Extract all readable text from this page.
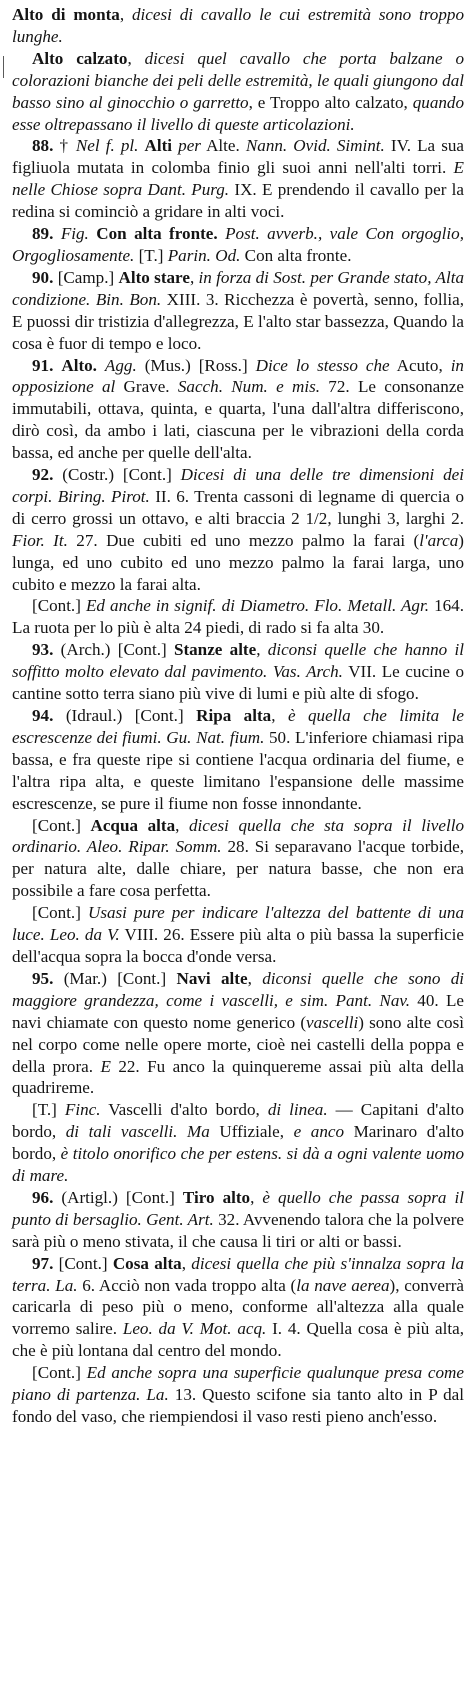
Alto di monta, dicesi di cavallo le cui estremità sono troppo lunghe.

Alto calzato, dicesi quel cavallo che porta balzane o colorazioni bianche dei peli delle estremità, le quali giungono dal basso sino al ginocchio o garretto, e Troppo alto calzato, quando esse oltrepassano il livello di queste articolazioni.

88. † Nel f. pl. Alti per Alte. Nann. Ovid. Simint. IV. La sua figliuola mutata in colomba finio gli suoi anni nell'alti torri. E nelle Chiose sopra Dant. Purg. IX. E prendendo il cavallo per la redina si cominciò a gridare in alti voci.

89. Fig. Con alta fronte. Post. avverb., vale Con orgoglio, Orgogliosamente. [T.] Parin. Od. Con alta fronte.

90. [Camp.] Alto stare, in forza di Sost. per Grande stato, Alta condizione. Bin. Bon. XIII. 3. Ricchezza è povertà, senno, follia, E puossi dir tristizia d'allegrezza, E l'alto star bassezza, Quando la cosa è fuor di tempo e loco.

91. Alto. Agg. (Mus.) [Ross.] Dice lo stesso che Acuto, in opposizione al Grave. Sacch. Num. e mis. 72. Le consonanze immutabili, ottava, quinta, e quarta, l'una dall'altra differiscono, dirò così, da ambo i lati, ciascuna per le vibrazioni della corda bassa, ed anche per quelle dell'alta.

92. (Costr.) [Cont.] Dicesi di una delle tre dimensioni dei corpi. Biring. Pirot. II. 6. Trenta cassoni di legname di quercia o di cerro grossi un ottavo, e alti braccia 2 1/2, lunghi 3, larghi 2. Fior. It. 27. Due cubiti ed uno mezzo palmo la farai (l'arca) lunga, ed uno cubito ed uno mezzo palmo la farai larga, uno cubito e mezzo la farai alta.

[Cont.] Ed anche in signif. di Diametro. Flo. Metall. Agr. 164. La ruota per lo più è alta 24 piedi, di rado si fa alta 30.

93. (Arch.) [Cont.] Stanze alte, diconsi quelle che hanno il soffitto molto elevato dal pavimento. Vas. Arch. VII. Le cucine o cantine sotto terra siano più vive di lumi e più alte di sfogo.

94. (Idraul.) [Cont.] Ripa alta, è quella che limita le escrescenze dei fiumi. Gu. Nat. fium. 50. L'inferiore chiamasi ripa bassa, e fra queste ripe si contiene l'acqua ordinaria del fiume, e l'altra ripa alta, e queste limitano l'espansione delle massime escrescenze, se pure il fiume non fosse innondante.

[Cont.] Acqua alta, dicesi quella che sta sopra il livello ordinario. Aleo. Ripar. Somm. 28. Si separavano l'acque torbide, per natura alte, dalle chiare, per natura basse, che non era possibile a fare cosa perfetta.

[Cont.] Usasi pure per indicare l'altezza del battente di una luce. Leo. da V. VIII. 26. Essere più alta o più bassa la superficie dell'acqua sopra la bocca d'onde versa.

95. (Mar.) [Cont.] Navi alte, diconsi quelle che sono di maggiore grandezza, come i vascelli, e sim. Pant. Nav. 40. Le navi chiamate con questo nome generico (vascelli) sono alte così nel corpo come nelle opere morte, cioè nei castelli della poppa e della prora. E 22. Fu anco la quinquereme assai più alta della quadrireme.

[T.] Finc. Vascelli d'alto bordo, di linea. — Capitani d'alto bordo, di tali vascelli. Ma Uffiziale, e anco Marinaro d'alto bordo, è titolo onorifico che per estens. si dà a ogni valente uomo di mare.

96. (Artigl.) [Cont.] Tiro alto, è quello che passa sopra il punto di bersaglio. Gent. Art. 32. Avvenendo talora che la polvere sarà più o meno stivata, il che causa li tiri or alti or bassi.

97. [Cont.] Cosa alta, dicesi quella che più s'innalza sopra la terra. La. 6. Acciò non vada troppo alta (la nave aerea), converrà caricarla di peso più o meno, conforme all'altezza alla quale vorremo salire. Leo. da V. Mot. acq. I. 4. Quella cosa è più alta, che è più lontana dal centro del mondo.

[Cont.] Ed anche sopra una superficie qualunque presa come piano di partenza. La. 13. Questo scifone sia tanto alto in P dal fondo del vaso, che riempiendosi il vaso resti pieno anch'esso.
